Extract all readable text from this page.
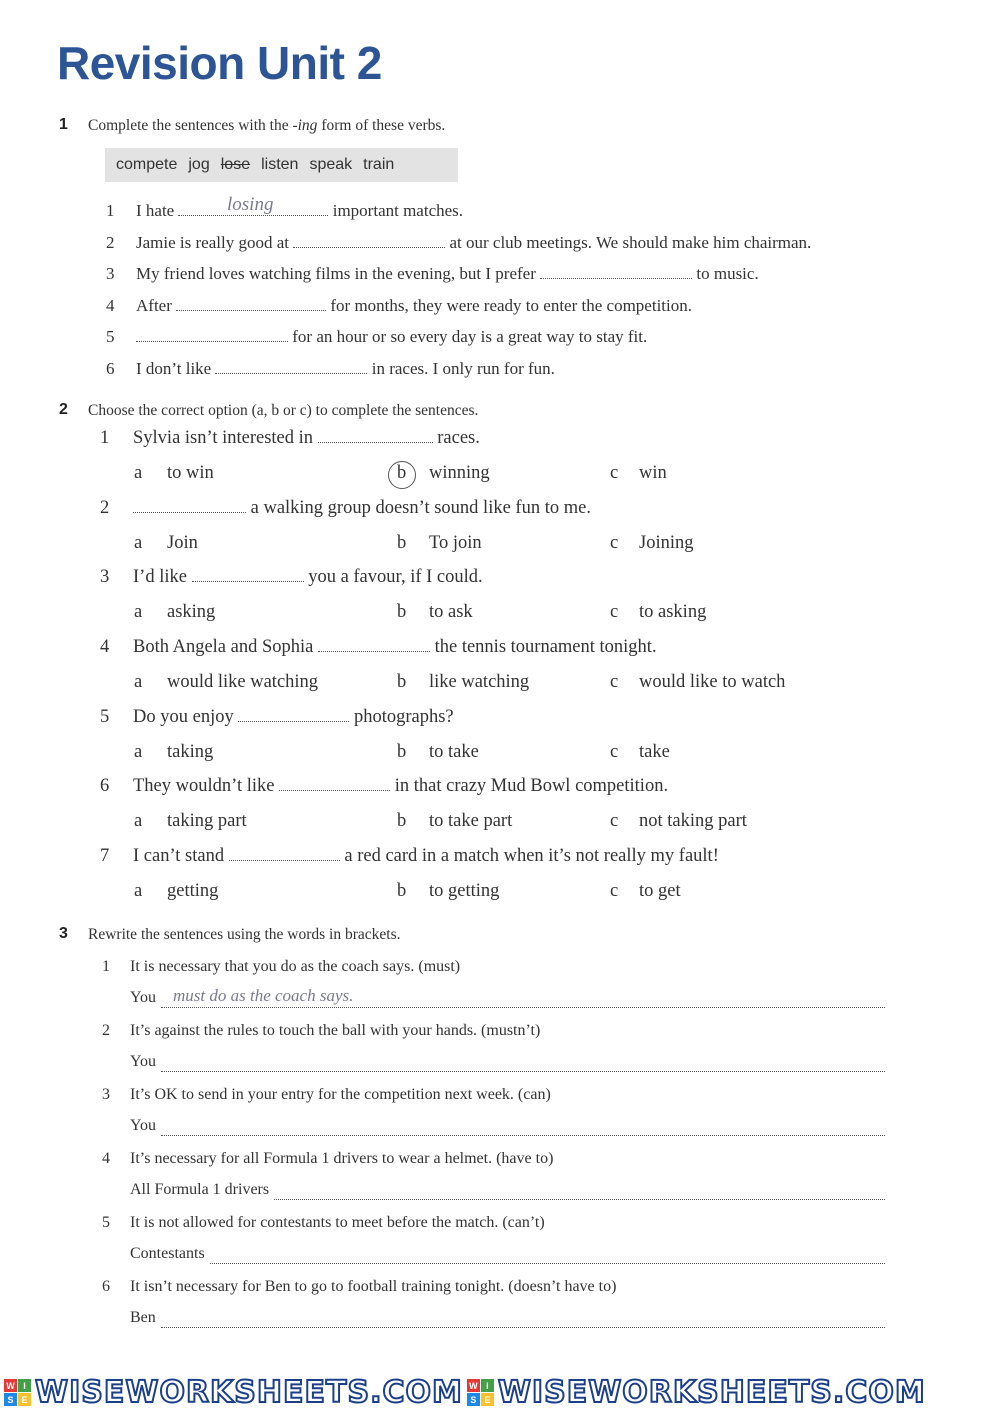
Revision Unit 2
1 Complete the sentences with the -ing form of these verbs.
compete jog lose listen speak train
1 I hate	important matches.
losing
2 Jamie is really good at	at our club meetings. We should make him chairman.
3 My friend loves watching films in the evening, but I prefer	to music.
4 After	for months, they were ready to enter the competition.
5	for an hour or so every day is a great way to stay fit.
6 I don’t like	in races. I only run for fun.
2 Choose the correct option (a, b or c) to complete the sentences.
1 Sylvia isn’t interested in	races.
a to win	b winning	c win
2	a walking group doesn’t sound like fun to me.
a Join	b To join	c Joining
3 I’d like	you a favour, if I could.
a asking	b to ask	c to asking
4 Both Angela and Sophia	the tennis tournament tonight.
a would like watching	b like watching	c would like to watch
5 Do you enjoy	photographs?
a taking	b to take	c take
6 They wouldn’t like	in that crazy Mud Bowl competition.
a taking part	b to take part	c not taking part
7 I can’t stand	a red card in a match when it’s not really my fault!
a getting	b to getting	c to get
3 Rewrite the sentences using the words in brackets.
1 It is necessary that you do as the coach says. (must)
You
must do as the coach says.
2 It’s against the rules to touch the ball with your hands. (mustn’t)
You

3 It’s OK to send in your entry for the competition next week. (can)
You

4 It’s necessary for all Formula 1 drivers to wear a helmet. (have to)
All Formula 1 drivers

5 It is not allowed for contestants to meet before the match. (can’t)
Contestants

6 It isn’t necessary for Ben to go to football training tonight. (doesn’t have to)
Ben

W I
S E WISEWORKSHEETS.COM W I
S E WISEWORKSHEETS.COM
